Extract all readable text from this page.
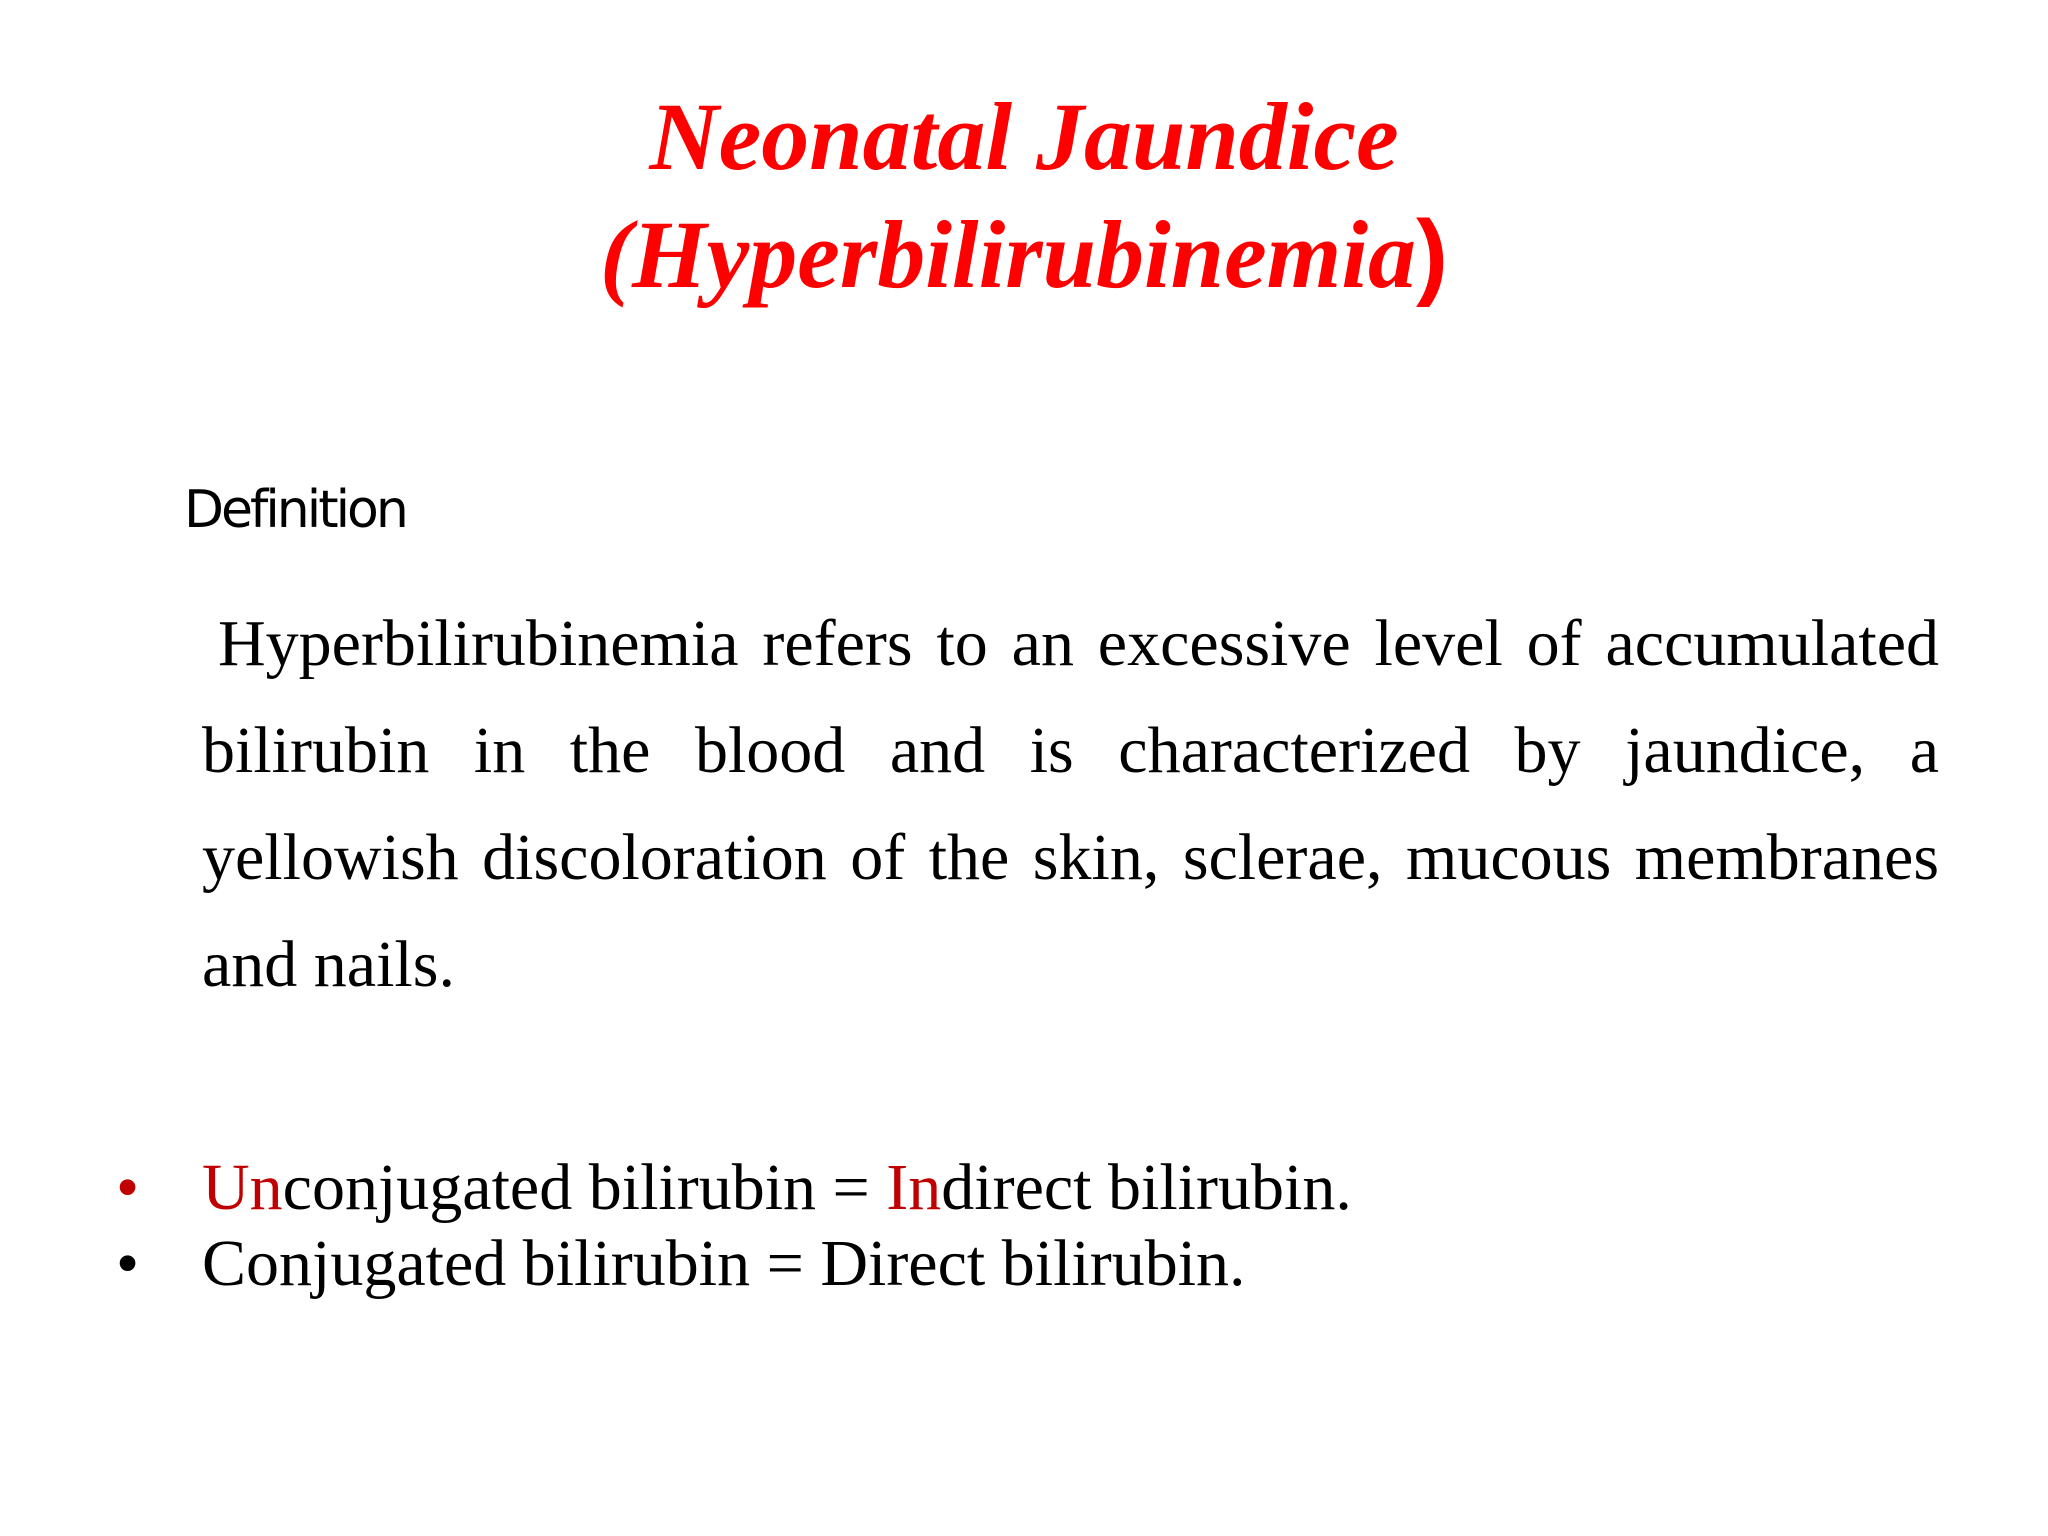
Neonatal Jaundice
(Hyperbilirubinemia)
Definition

Hyperbilirubinemia refers to an excessive level of accumulated bilirubin in the blood and is characterized by jaundice, a yellowish discoloration of the skin, sclerae, mucous membranes and nails.

• Unconjugated bilirubin = Indirect bilirubin.
• Conjugated bilirubin = Direct bilirubin.
